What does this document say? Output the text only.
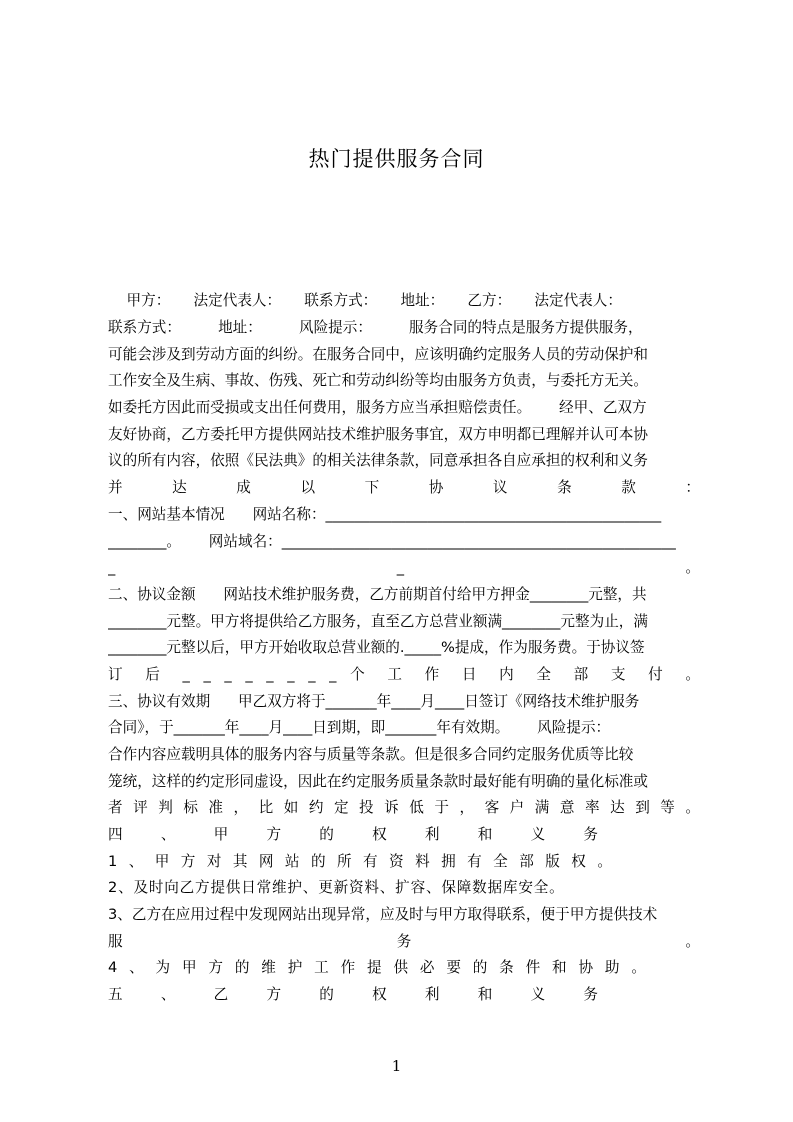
热门提供服务合同
甲方：     法定代表人：     联系方式：     地址：     乙方：     法定代表人：
联系方式：        地址：        风险提示：        服务合同的特点是服务方提供服务，
可能会涉及到劳动方面的纠纷。在服务合同中，应该明确约定服务人员的劳动保护和
工作安全及生病、事故、伤残、死亡和劳动纠纷等均由服务方负责，与委托方无关。
如委托方因此而受损或支出任何费用，服务方应当承担赔偿责任。      经甲、乙双方
友好协商，乙方委托甲方提供网站技术维护服务事宜，双方申明都已理解并认可本协
议的所有内容，依照《民法典》的相关法律条款，同意承担各自应承担的权利和义务
并 达 成 以 下 协 议 条 款 ：
一、网站基本情况      网站名称：______________________________________________
________。      网站域名：______________________________________________________
_ _ 。
二、协议金额      网站技术维护服务费，乙方前期首付给甲方押金________元整，共
________元整。甲方将提供给乙方服务，直至乙方总营业额满________元整为止，满
________元整以后，甲方开始收取总营业额的._____%提成，作为服务费。于协议签
订 后 _ _ _ _ _ _ _ _ 个 工 作 日 内 全 部 支 付 。
三、协议有效期      甲乙双方将于_______年____月____日签订《网络技术维护服务
合同》，于_______年____月____日到期，即_______年有效期。      风险提示：
合作内容应载明具体的服务内容与质量等条款。但是很多合同约定服务优质等比较
笼统，这样的约定形同虚设，因此在约定服务质量条款时最好能有明确的量化标准或
者 评 判 标 准 ， 比 如 约 定 投 诉 低 于 ， 客 户 满 意 率 达 到 等 。
四 、 甲 方 的 权 利 和 义 务
1 、 甲 方 对 其 网 站 的 所 有 资 料 拥 有 全 部 版 权 。
2、及时向乙方提供日常维护、更新资料、扩容、保障数据库安全。
3、乙方在应用过程中发现网站出现异常，应及时与甲方取得联系，便于甲方提供技术
服 务 。
4 、 为 甲 方 的 维 护 工 作 提 供 必 要 的 条 件 和 协 助 。
五 、 乙 方 的 权 利 和 义 务
1
